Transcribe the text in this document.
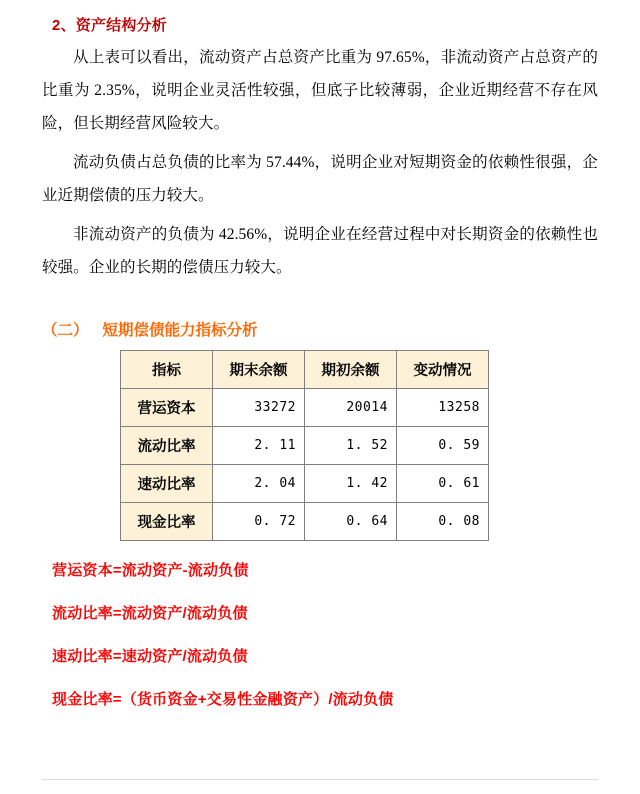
2、资产结构分析

从上表可以看出，流动资产占总资产比重为 97.65%，非流动资产占总资产的比重为 2.35%，说明企业灵活性较强，但底子比较薄弱，企业近期经营不存在风险，但长期经营风险较大。

流动负债占总负债的比率为 57.44%，说明企业对短期资金的依赖性很强，企业近期偿债的压力较大。

非流动资产的负债为 42.56%，说明企业在经营过程中对长期资金的依赖性也较强。企业的长期的偿债压力较大。

（二） 短期偿债能力指标分析
指标	期末余额	期初余额	变动情况
营运资本	33272	20014	13258
流动比率	2. 11	1. 52	0. 59
速动比率	2. 04	1. 42	0. 61
现金比率	0. 72	0. 64	0. 08

营运资本=流动资产-流动负债

流动比率=流动资产/流动负债

速动比率=速动资产/流动负债

现金比率=（货币资金+交易性金融资产）/流动负债
